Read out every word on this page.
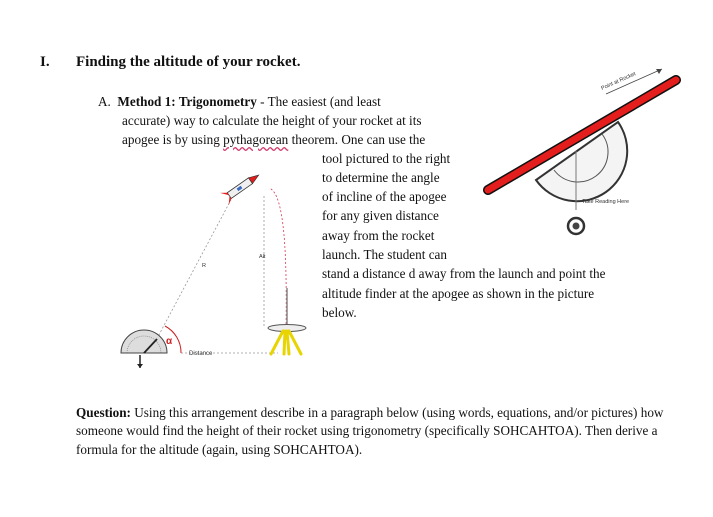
I. Finding the altitude of your rocket.
A. Method 1: Trigonometry - The easiest (and least
accurate) way to calculate the height of your rocket at its
apogee is by using pythagorean theorem. One can use the
tool pictured to the right
to determine the angle
of incline of the apogee
for any given distance
away from the rocket
launch. The student can
stand a distance d away from the launch and point the
altitude finder at the apogee as shown in the picture
below.
Point at Rocket
Take Reading Here
R
Alt
α
Distance
Question: Using this arrangement describe in a paragraph below (using words, equations, and/or pictures) how someone would find the height of their rocket using trigonometry (specifically SOHCAHTOA). Then derive a formula for the altitude (again, using SOHCAHTOA).
